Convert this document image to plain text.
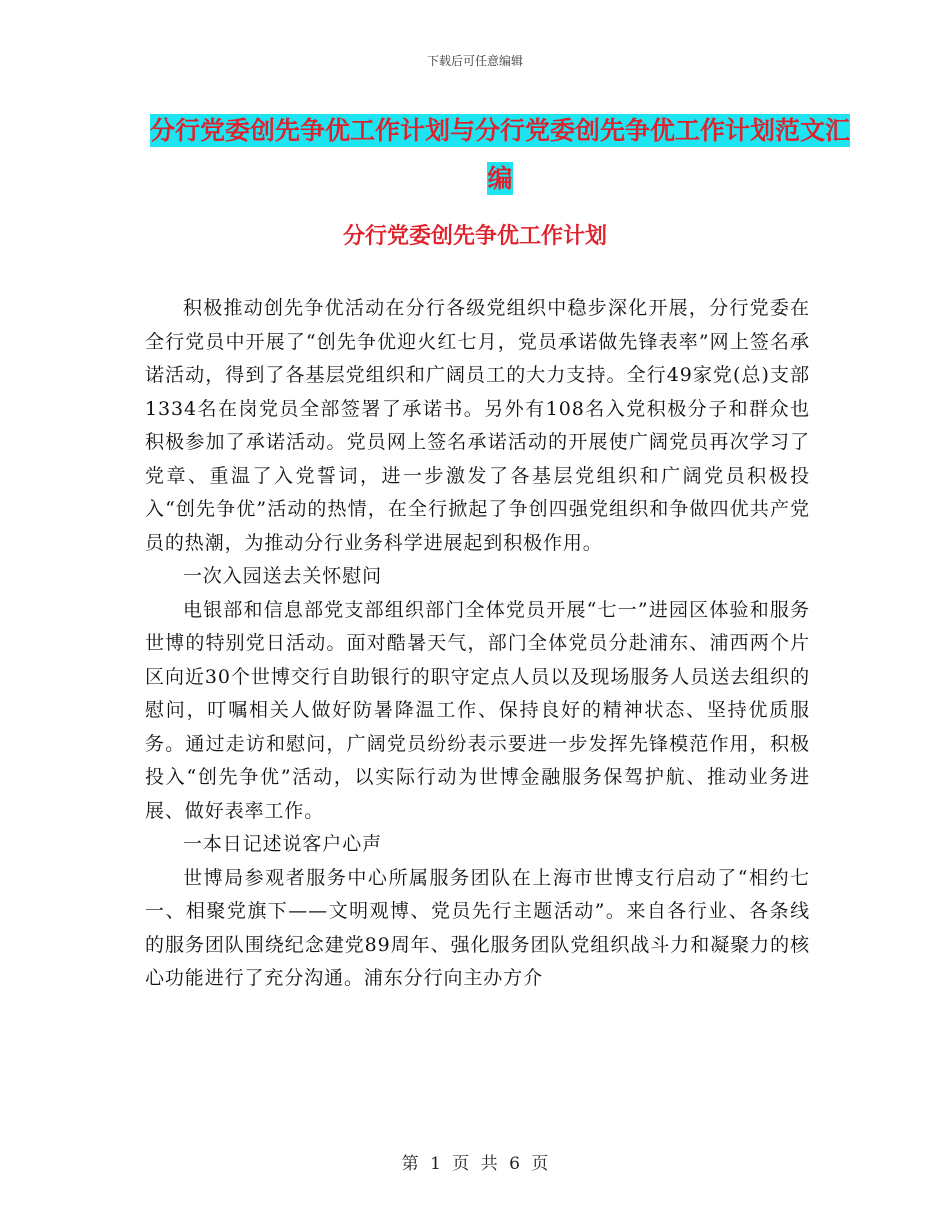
下载后可任意编辑
分行党委创先争优工作计划与分行党委创先争优工作计划范文汇编
分行党委创先争优工作计划

积极推动创先争优活动在分行各级党组织中稳步深化开展，分行党委在全行党员中开展了“创先争优迎火红七月，党员承诺做先锋表率”网上签名承诺活动，得到了各基层党组织和广阔员工的大力支持。全行49家党(总)支部1334名在岗党员全部签署了承诺书。另外有108名入党积极分子和群众也积极参加了承诺活动。党员网上签名承诺活动的开展使广阔党员再次学习了党章、重温了入党誓词，进一步激发了各基层党组织和广阔党员积极投入“创先争优”活动的热情，在全行掀起了争创四强党组织和争做四优共产党员的热潮，为推动分行业务科学进展起到积极作用。

一次入园送去关怀慰问

电银部和信息部党支部组织部门全体党员开展“七一”进园区体验和服务世博的特别党日活动。面对酷暑天气，部门全体党员分赴浦东、浦西两个片区向近30个世博交行自助银行的职守定点人员以及现场服务人员送去组织的慰问，叮嘱相关人做好防暑降温工作、保持良好的精神状态、坚持优质服务。通过走访和慰问，广阔党员纷纷表示要进一步发挥先锋模范作用，积极投入“创先争优”活动，以实际行动为世博金融服务保驾护航、推动业务进展、做好表率工作。

一本日记述说客户心声

世博局参观者服务中心所属服务团队在上海市世博支行启动了“相约七一、相聚党旗下——文明观博、党员先行主题活动”。来自各行业、各条线的服务团队围绕纪念建党89周年、强化服务团队党组织战斗力和凝聚力的核心功能进行了充分沟通。浦东分行向主办方介

第 1 页 共 6 页
